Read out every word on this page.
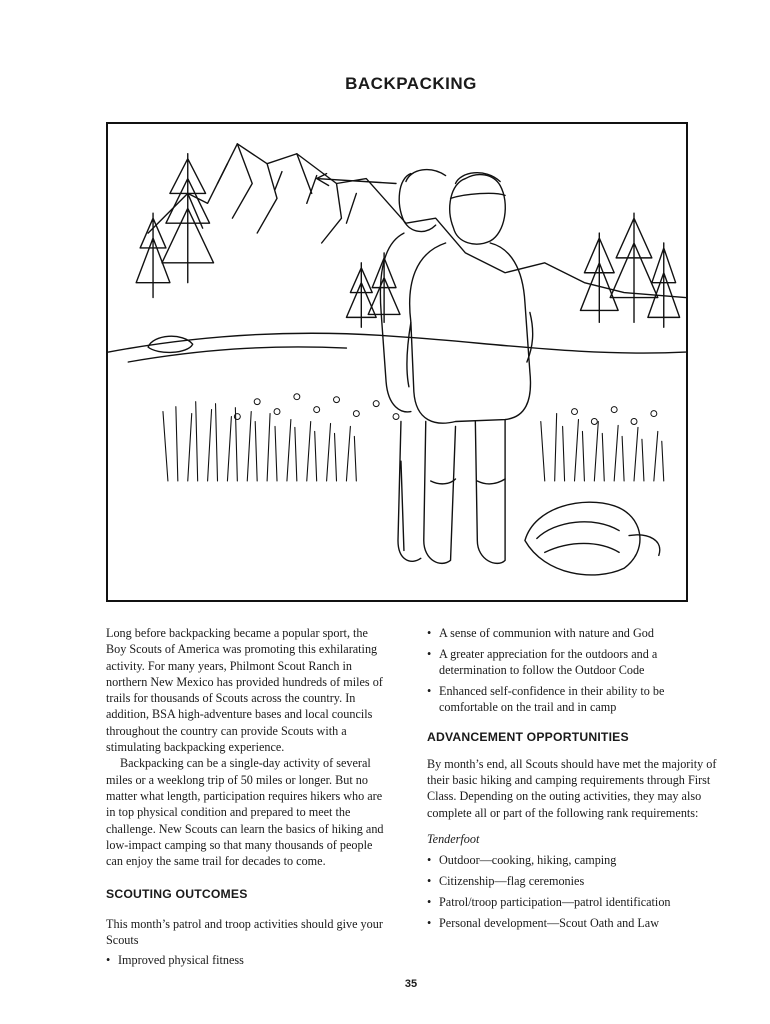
BACKPACKING

Long before backpacking became a popular sport, the Boy Scouts of America was promoting this exhilarating activity. For many years, Philmont Scout Ranch in northern New Mexico has provided hundreds of miles of trails for thousands of Scouts across the country. In addition, BSA high-adventure bases and local councils throughout the country can provide Scouts with a stimulating backpacking experience.

Backpacking can be a single-day activity of several miles or a weeklong trip of 50 miles or longer. But no matter what length, participation requires hikers who are in top physical condition and prepared to meet the challenge. New Scouts can learn the basics of hiking and low-impact camping so that many thousands of people can enjoy the same trail for decades to come.

SCOUTING OUTCOMES

This month’s patrol and troop activities should give your Scouts

• Improved physical fitness
• A sense of communion with nature and God
• A greater appreciation for the outdoors and a determination to follow the Outdoor Code
• Enhanced self-confidence in their ability to be comfortable on the trail and in camp
ADVANCEMENT OPPORTUNITIES

By month’s end, all Scouts should have met the majority of their basic hiking and camping requirements through First Class. Depending on the outing activities, they may also complete all or part of the following rank requirements:

Tenderfoot

• Outdoor—cooking, hiking, camping
• Citizenship—flag ceremonies
• Patrol/troop participation—patrol identification
• Personal development—Scout Oath and Law
35
